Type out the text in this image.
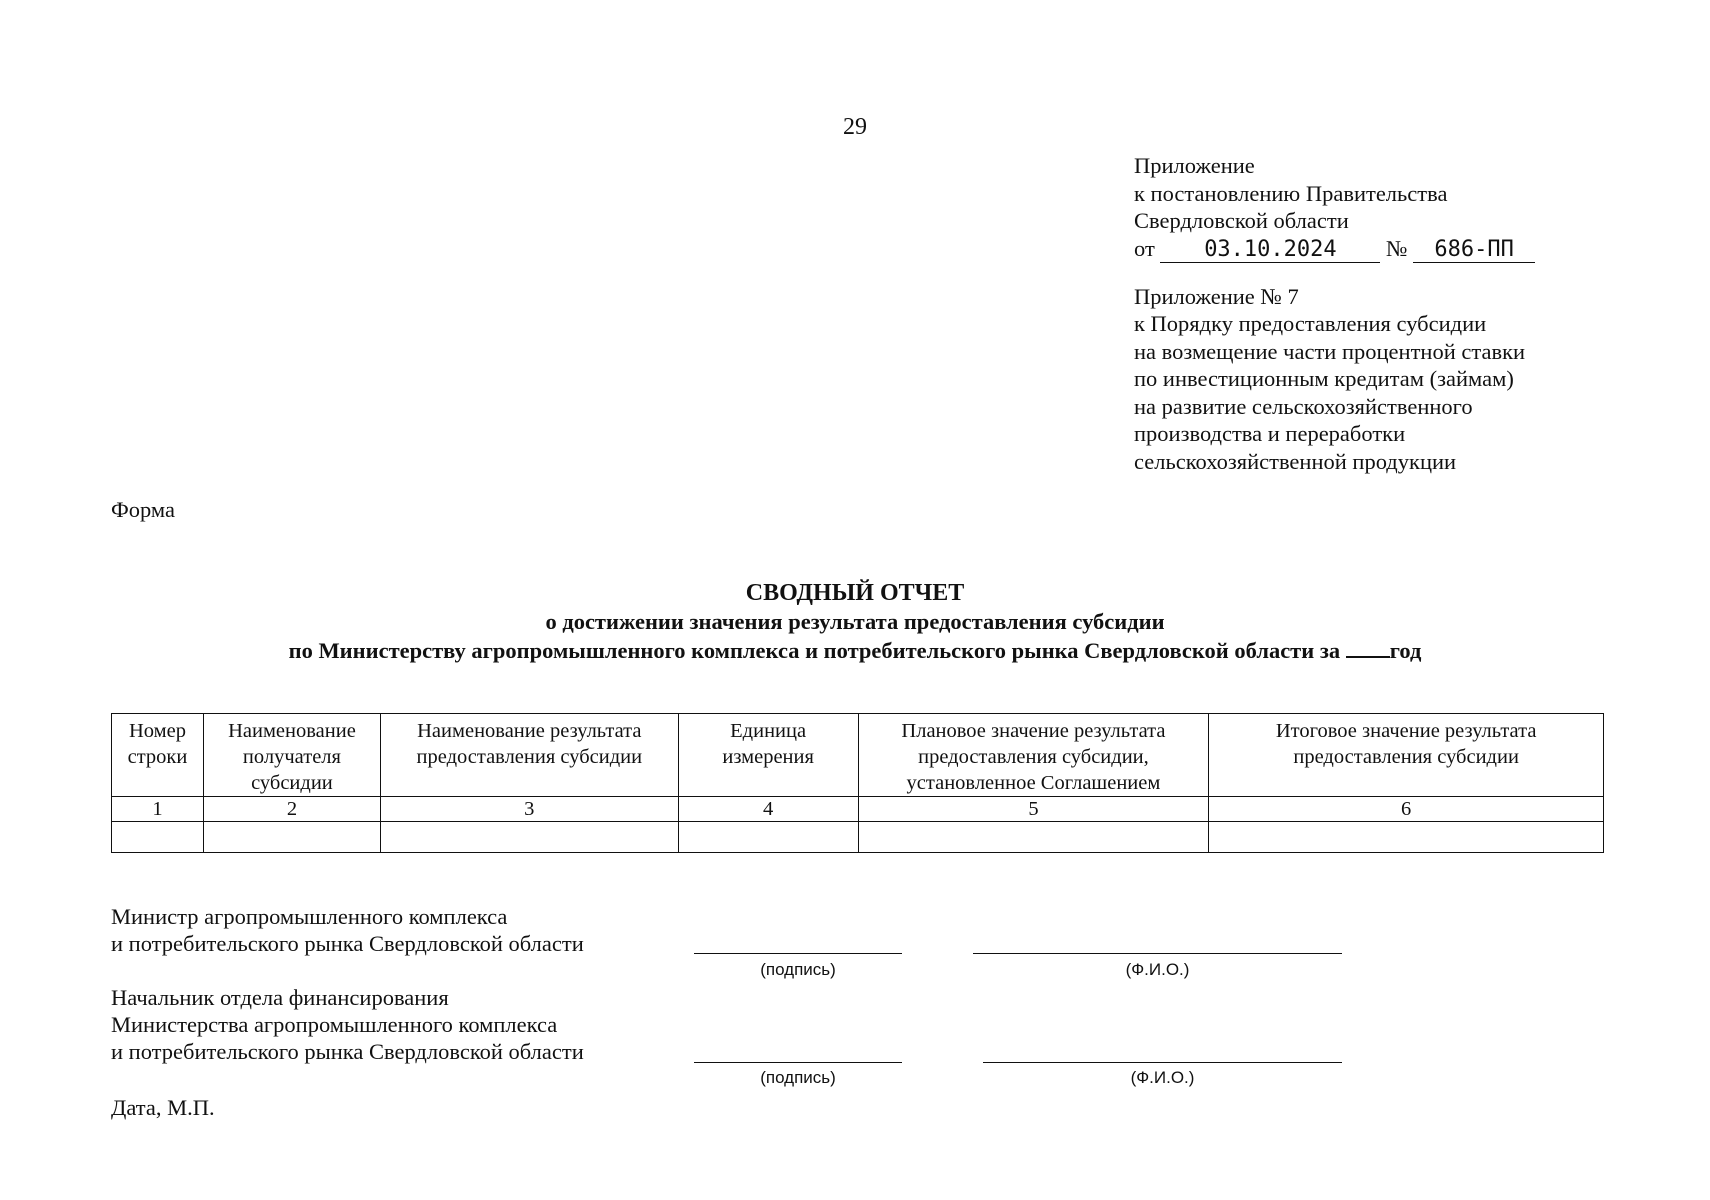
29
Приложение
к постановлению Правительства
Свердловской области
от 03.10.2024 № 686-ПП
Приложение № 7
к Порядку предоставления субсидии
на возмещение части процентной ставки
по инвестиционным кредитам (займам)
на развитие сельскохозяйственного
производства и переработки
сельскохозяйственной продукции
Форма
СВОДНЫЙ ОТЧЕТ
о достижении значения результата предоставления субсидии
по Министерству агропромышленного комплекса и потребительского рынка Свердловской области за год
Номер строки	Наименование получателя субсидии	Наименование результата предоставления субсидии	Единица измерения	Плановое значение результата предоставления субсидии, установленное Соглашением	Итоговое значение результата предоставления субсидии
1	2	3	4	5	6

Министр агропромышленного комплекса
и потребительского рынка Свердловской области
(подпись)	(Ф.И.О.)
Начальник отдела финансирования
Министерства агропромышленного комплекса
и потребительского рынка Свердловской области
(подпись)	(Ф.И.О.)
Дата, М.П.
